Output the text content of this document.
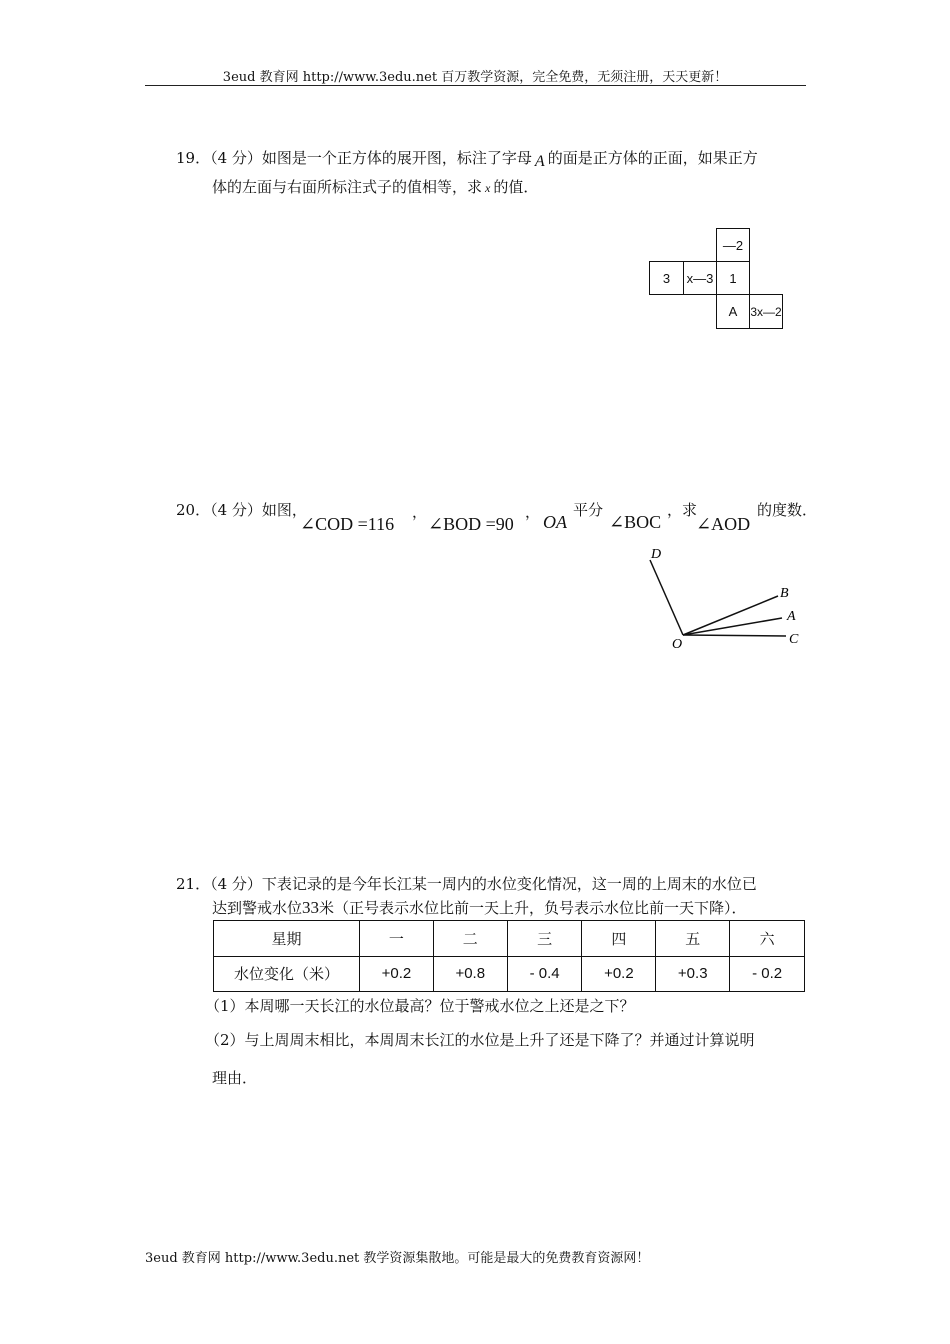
3eud 教育网 http://www.3edu.net 百万教学资源，完全免费，无须注册，天天更新！
19．（4 分）如图是一个正方体的展开图，标注了字母 A 的面是正方体的正面，如果正方
体的左面与右面所标注式子的值相等，求 x 的值．
—2
3	x—3	1
A	3x—2
20．（4 分）如图，
∠COD =116
，
∠BOD =90
， OA
平分
∠BOC
，求
∠AOD
的度数．
D
B
A
O	C
21．（4 分）下表记录的是今年长江某一周内的水位变化情况，这一周的上周末的水位已
达到警戒水位33米（正号表示水位比前一天上升，负号表示水位比前一天下降）．
星期	一	二	三	四	五	六
水位变化（米）	+0.2	+0.8	- 0.4	+0.2	+0.3	- 0.2
（1）本周哪一天长江的水位最高？位于警戒水位之上还是之下？
（2）与上周周末相比，本周周末长江的水位是上升了还是下降了？并通过计算说明
理由．
3eud 教育网 http://www.3edu.net 教学资源集散地。可能是最大的免费教育资源网！
